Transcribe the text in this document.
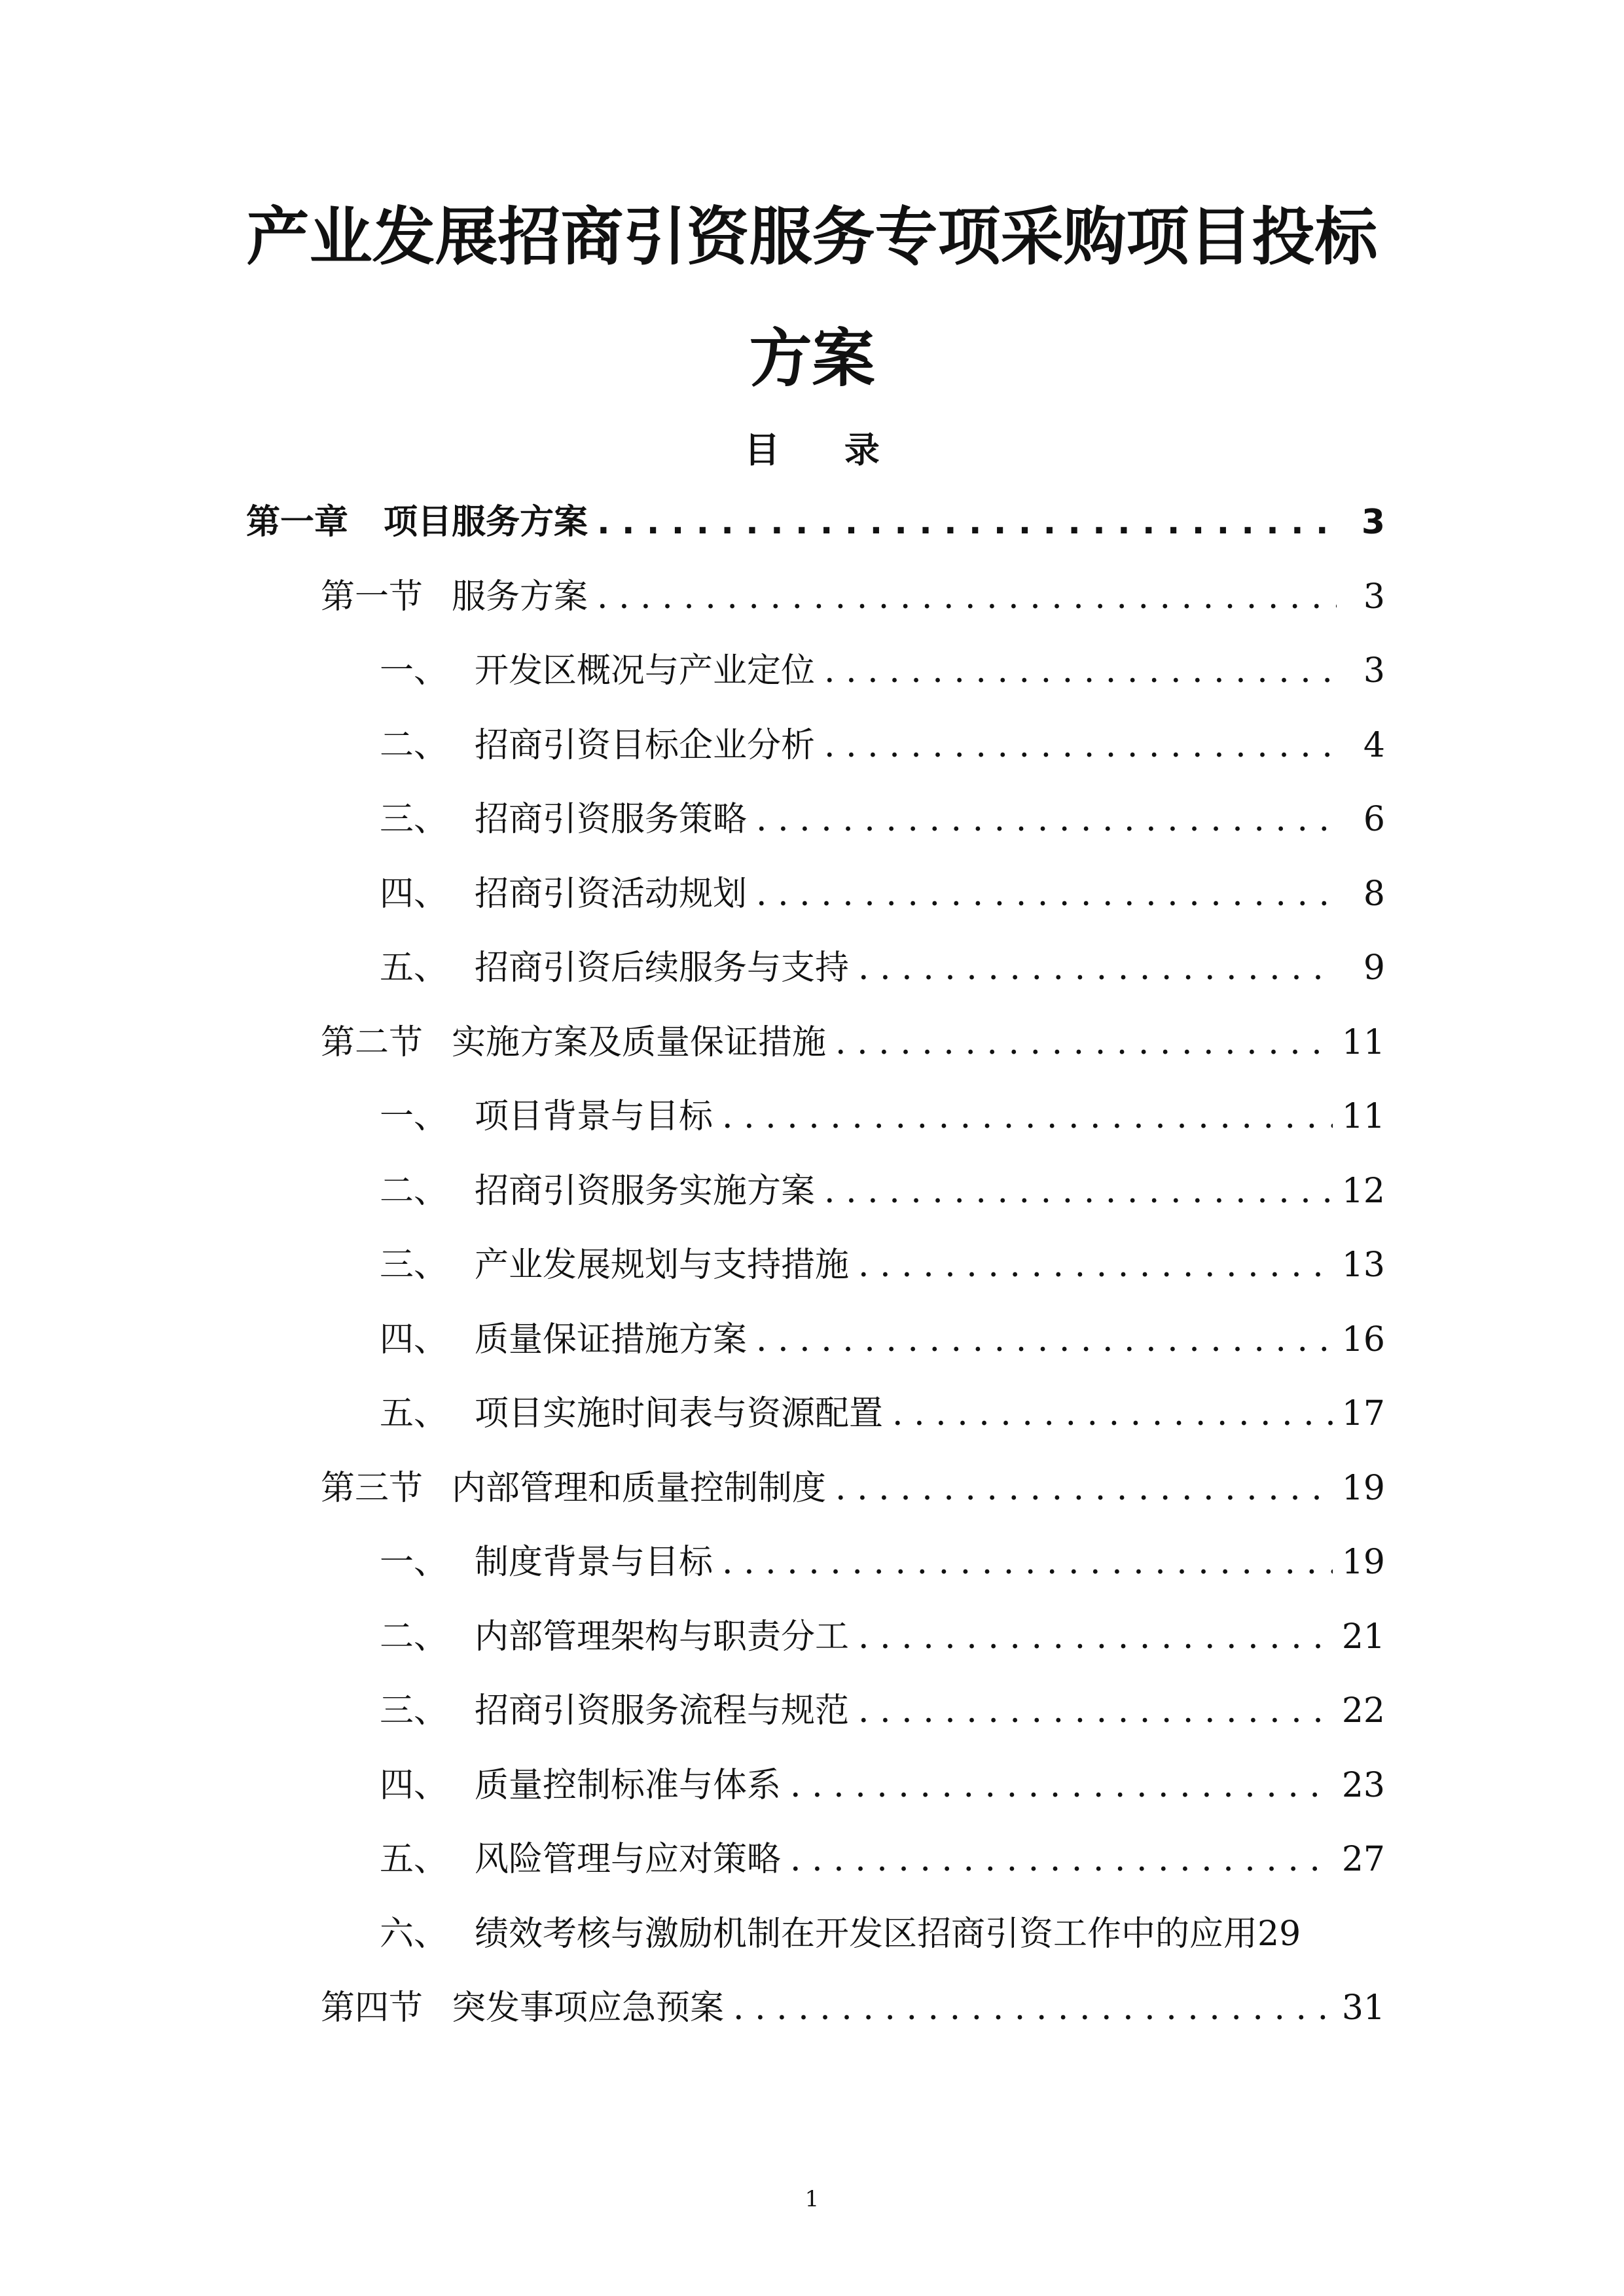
产业发展招商引资服务专项采购项目投标
方案
目 录
第一章	项目服务方案 . . .	3
第一节 服务方案 . . .	3
一、 开发区概况与产业定位 . . .	3
二、 招商引资目标企业分析 . . .	4
三、 招商引资服务策略 . . .	6
四、 招商引资活动规划 . . .	8
五、 招商引资后续服务与支持 . . .	9
第二节 实施方案及质量保证措施 . . .	11
一、 项目背景与目标 . . .	11
二、 招商引资服务实施方案 . . .	12
三、 产业发展规划与支持措施 . . .	13
四、 质量保证措施方案 . . .	16
五、 项目实施时间表与资源配置 . . .	17
第三节 内部管理和质量控制制度 . . .	19
一、 制度背景与目标 . . .	19
二、 内部管理架构与职责分工 . . .	21
三、 招商引资服务流程与规范 . . .	22
四、 质量控制标准与体系 . . .	23
五、 风险管理与应对策略 . . .	27
六、 绩效考核与激励机制在开发区招商引资工作中的应用 29
第四节 突发事项应急预案 . . .	31
1
